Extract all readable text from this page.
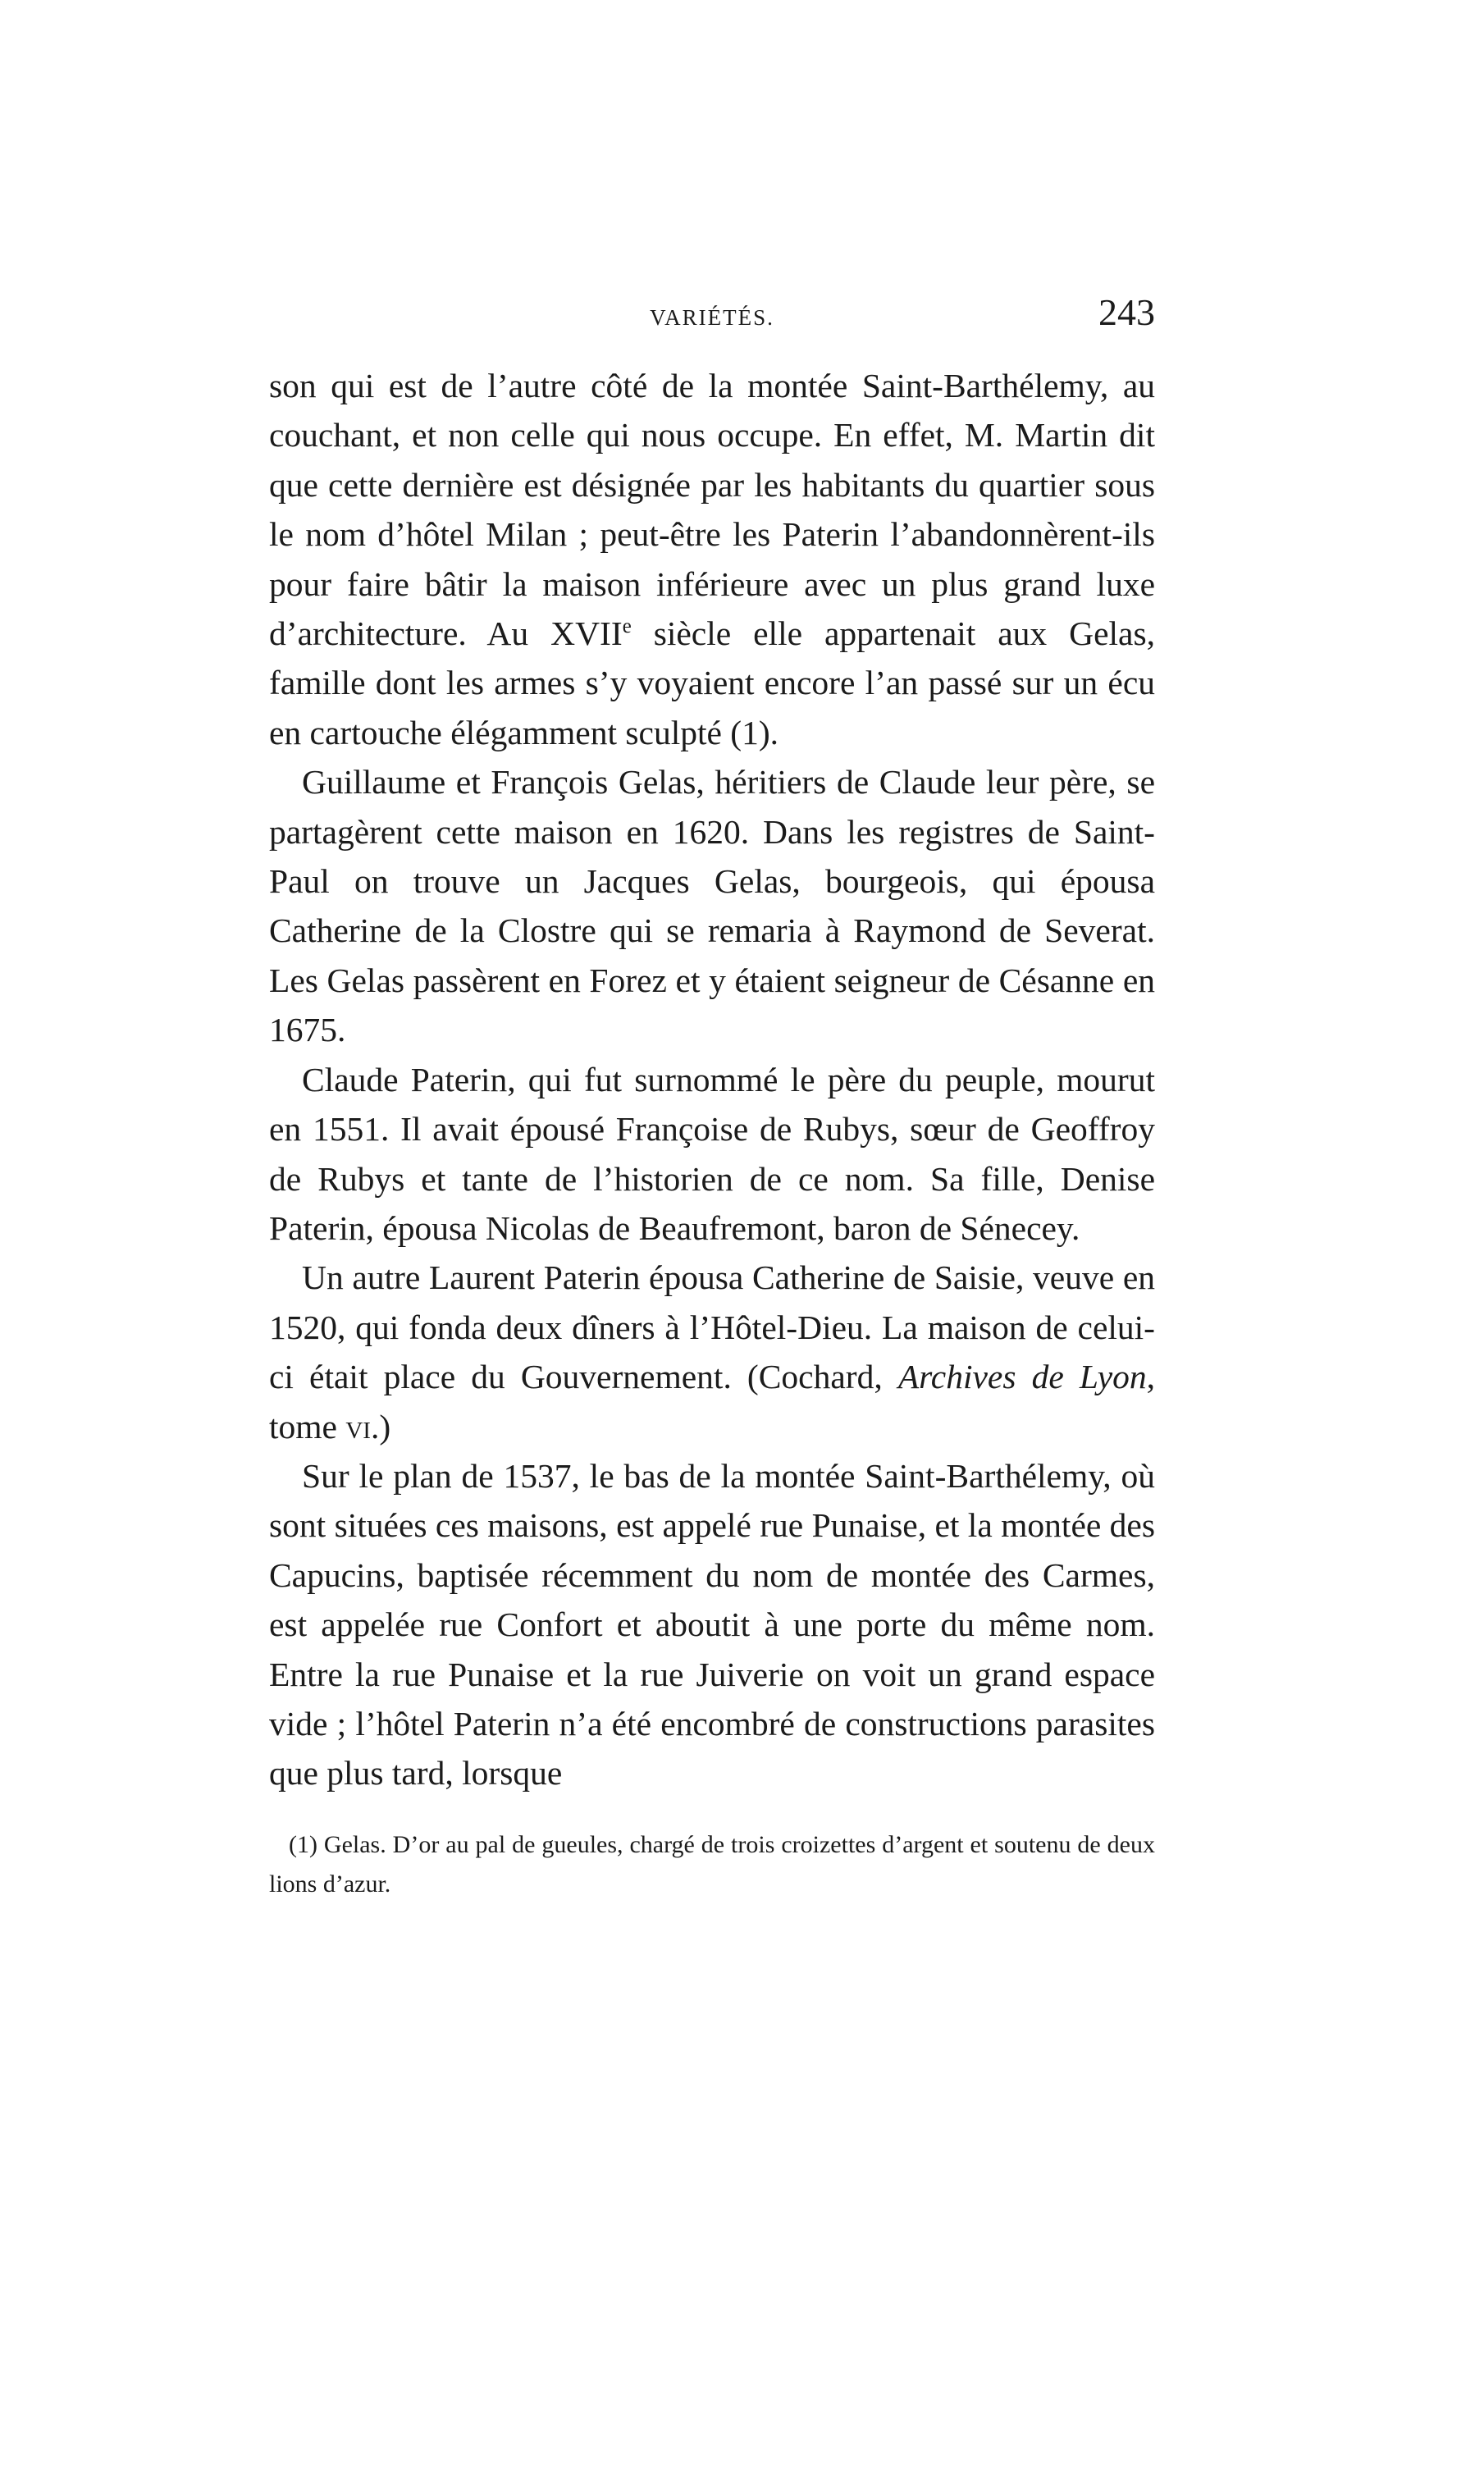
VARIÉTÉS.	243

son qui est de l’autre côté de la montée Saint-Barthélemy, au couchant, et non celle qui nous occupe. En effet, M. Martin dit que cette dernière est désignée par les habitants du quartier sous le nom d’hôtel Milan ; peut-être les Paterin l’abandonnèrent-ils pour faire bâtir la maison inférieure avec un plus grand luxe d’architecture. Au XVIIe siècle elle appartenait aux Gelas, famille dont les armes s’y voyaient encore l’an passé sur un écu en cartouche élégamment sculpté (1).

Guillaume et François Gelas, héritiers de Claude leur père, se partagèrent cette maison en 1620. Dans les registres de Saint-Paul on trouve un Jacques Gelas, bourgeois, qui épousa Catherine de la Clostre qui se remaria à Raymond de Severat. Les Gelas passèrent en Forez et y étaient seigneur de Césanne en 1675.

Claude Paterin, qui fut surnommé le père du peuple, mourut en 1551. Il avait épousé Françoise de Rubys, sœur de Geoffroy de Rubys et tante de l’historien de ce nom. Sa fille, Denise Paterin, épousa Nicolas de Beaufremont, baron de Sénecey.

Un autre Laurent Paterin épousa Catherine de Saisie, veuve en 1520, qui fonda deux dîners à l’Hôtel-Dieu. La maison de celui-ci était place du Gouvernement. (Cochard, Archives de Lyon, tome vi.)

Sur le plan de 1537, le bas de la montée Saint-Barthélemy, où sont situées ces maisons, est appelé rue Punaise, et la montée des Capucins, baptisée récemment du nom de montée des Carmes, est appelée rue Confort et aboutit à une porte du même nom. Entre la rue Punaise et la rue Juiverie on voit un grand espace vide ; l’hôtel Paterin n’a été encombré de constructions parasites que plus tard, lorsque

(1) Gelas. D’or au pal de gueules, chargé de trois croizettes d’argent et soutenu de deux lions d’azur.
